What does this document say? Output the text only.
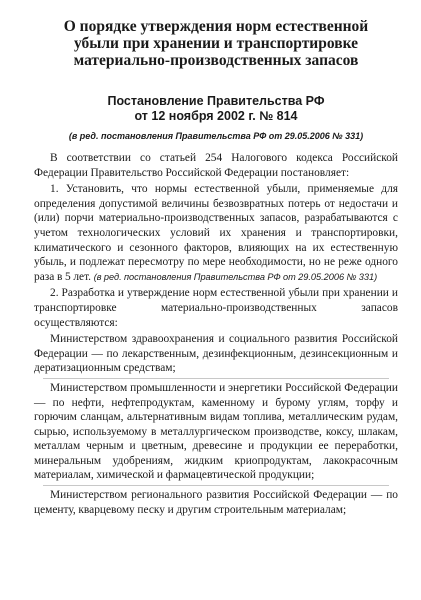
О порядке утверждения норм естественной убыли при хранении и транспортировке материально-производственных запасов
Постановление Правительства РФ
от 12 ноября 2002 г. № 814
(в ред. постановления Правительства РФ от 29.05.2006 № 331)

В соответствии со статьей 254 Налогового кодекса Российской Федерации Правительство Российской Федерации постановляет:

1. Установить, что нормы естественной убыли, применяемые для определения допустимой величины безвозвратных потерь от недостачи и (или) порчи материально-производственных запасов, разрабатываются с учетом технологических условий их хранения и транспортировки, климатического и сезонного факторов, влияющих на их естественную убыль, и подлежат пересмотру по мере необходимости, но не реже одного раза в 5 лет. (в ред. постановления Правительства РФ от 29.05.2006 № 331)

2. Разработка и утверждение норм естественной убыли при хранении и транспортировке материально-производственных запасов осуществляются:

Министерством здравоохранения и социального развития Российской Федерации — по лекарственным, дезинфекционным, дезинсекционным и дератизационным средствам;

Министерством промышленности и энергетики Российской Федерации — по нефти, нефтепродуктам, каменному и бурому углям, торфу и горючим сланцам, альтернативным видам топлива, металлическим рудам, сырью, используемому в металлургическом производстве, коксу, шлакам, металлам черным и цветным, древесине и продукции ее переработки, минеральным удобрениям, жидким криопродуктам, лакокрасочным материалам, химической и фармацевтической продукции;

Министерством регионального развития Российской Федерации — по цементу, кварцевому песку и другим строительным материалам;
